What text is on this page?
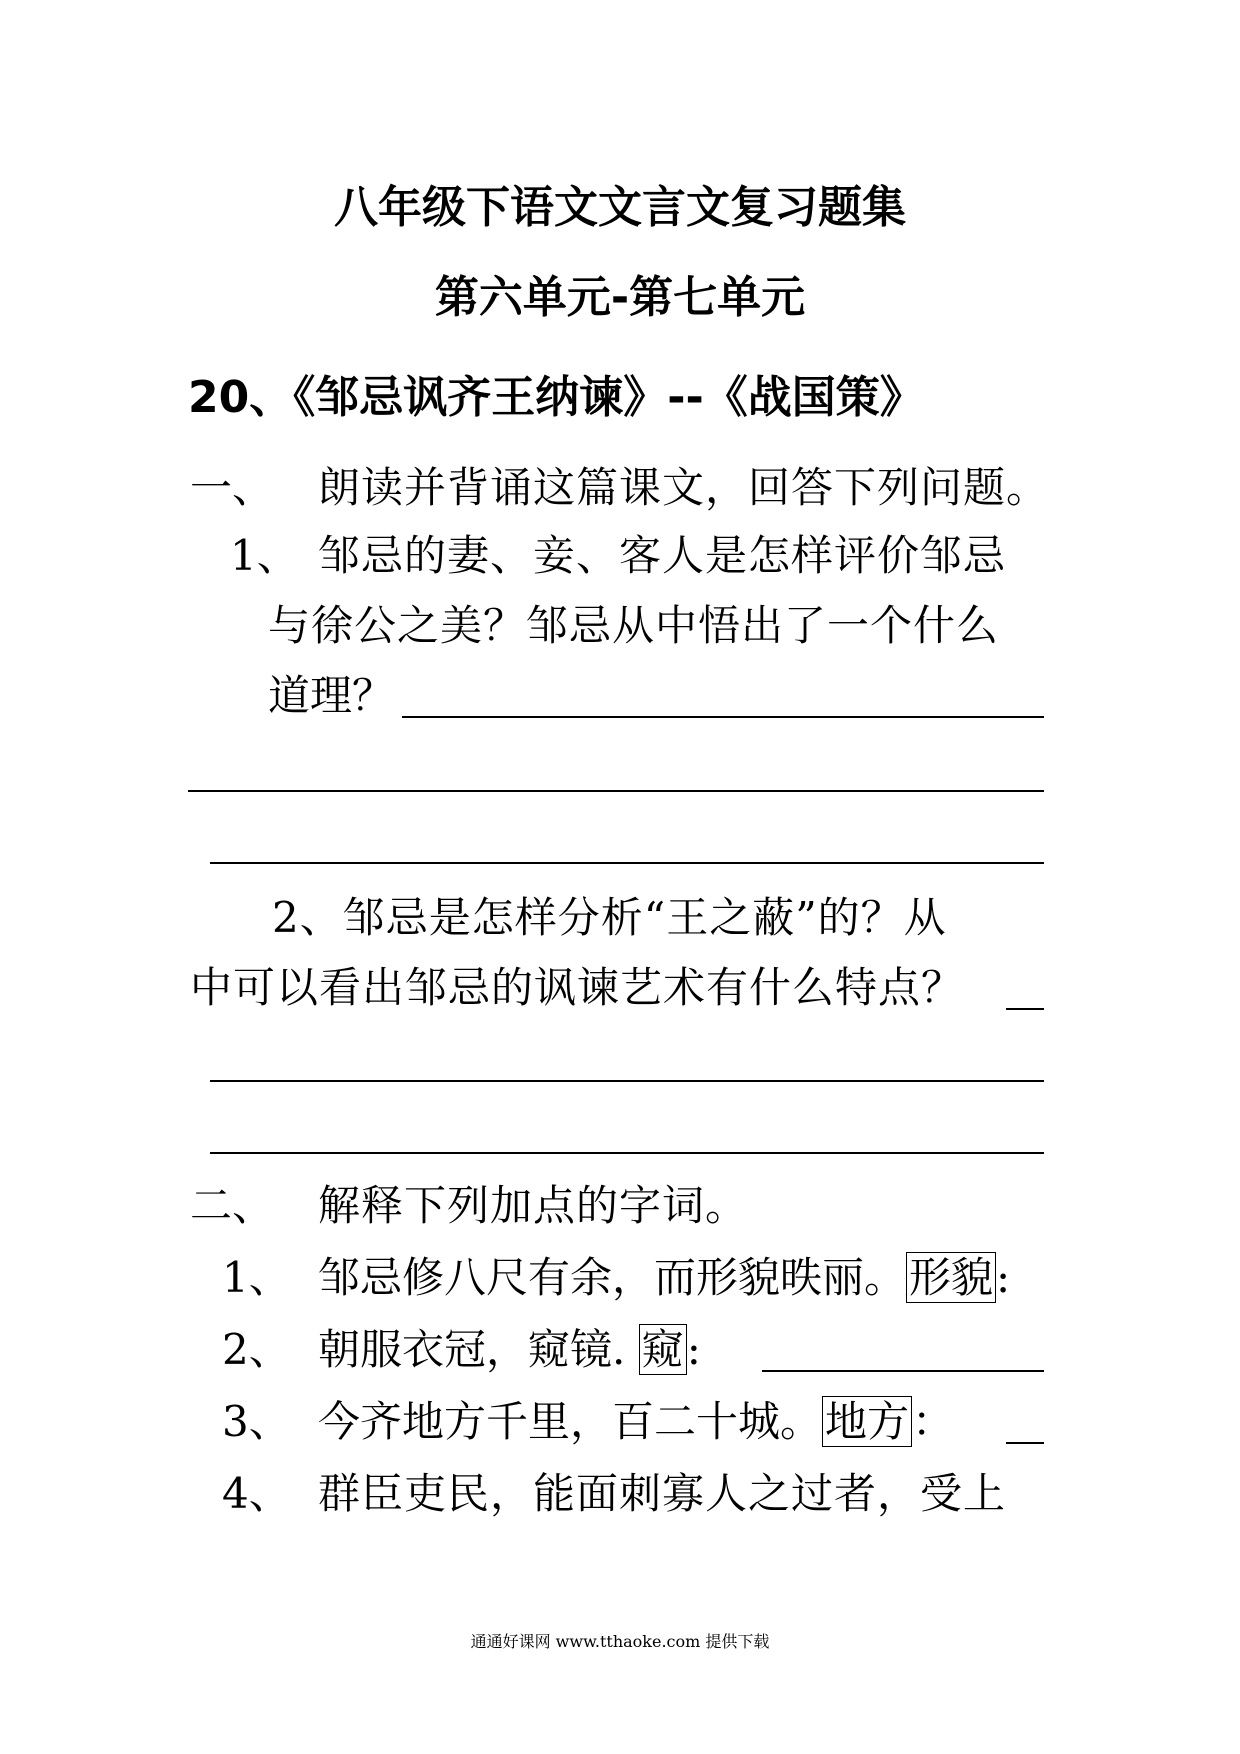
八年级下语文文言文复习题集
第六单元-第七单元
20、《邹忌讽齐王纳谏》--《战国策》
一、 朗读并背诵这篇课文，回答下列问题。
1、 邹忌的妻、妾、客人是怎样评价邹忌
与徐公之美？邹忌从中悟出了一个什么
道理？
2、邹忌是怎样分析“王之蔽”的？从
中可以看出邹忌的讽谏艺术有什么特点？
二、 解释下列加点的字词。
1、 邹忌修八尺有余，而形貌昳丽。形貌:
2、 朝服衣冠，窥镜. 窥:
3、 今齐地方千里，百二十城。地方：
4、 群臣吏民，能面刺寡人之过者，受上
通通好课网 www.tthaoke.com 提供下载
